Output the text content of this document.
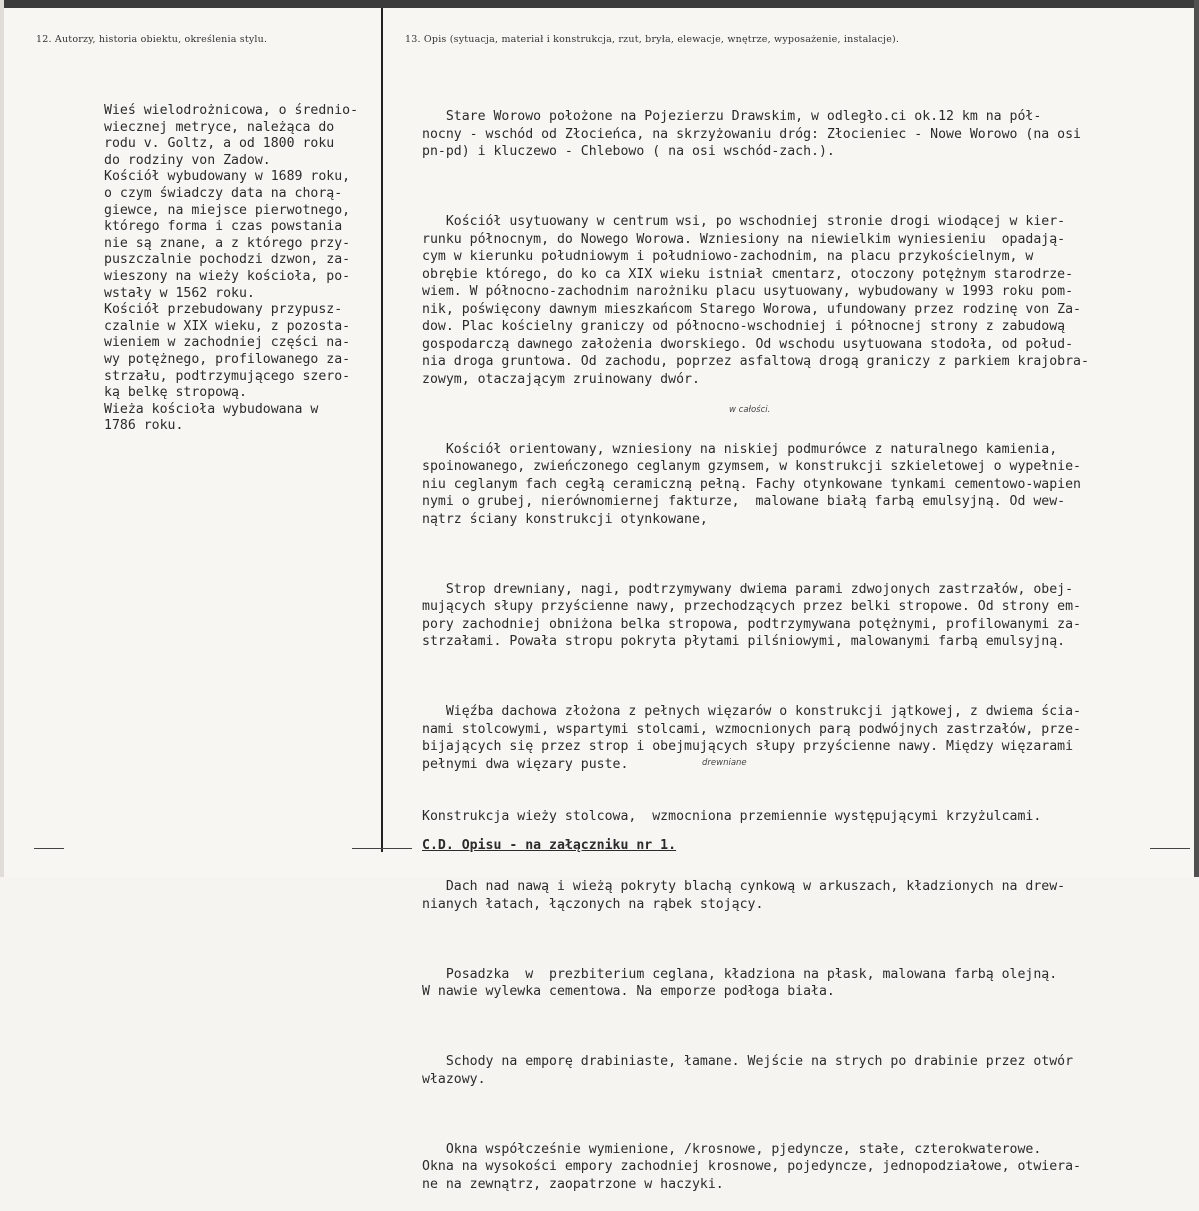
12. Autorzy, historia obiektu, określenia stylu.	13. Opis (sytuacja, materiał i konstrukcja, rzut, bryła, elewacje, wnętrze, wyposażenie, instalacje).
Wieś wielodrożnicowa, o średnio-
wiecznej metryce, należąca do
rodu v. Goltz, a od 1800 roku
do rodziny von Zadow.
Kościół wybudowany w 1689 roku,
o czym świadczy data na chorą-
giewce, na miejsce pierwotnego,
którego forma i czas powstania
nie są znane, a z którego przy-
puszczalnie pochodzi dzwon, za-
wieszony na wieży kościoła, po-
wstały w 1562 roku.
Kościół przebudowany przypusz-
czalnie w XIX wieku, z pozosta-
wieniem w zachodniej części na-
wy potężnego, profilowanego za-
strzału, podtrzymującego szero-
ką belkę stropową.
Wieża kościoła wybudowana w
1786 roku.

Stare Worowo położone na Pojezierzu Drawskim, w odległo.ci ok.12 km na pół-
nocny - wschód od Złocieńca, na skrzyżowaniu dróg: Złocieniec - Nowe Worowo (na osi
pn-pd) i kluczewo - Chlebowo ( na osi wschód-zach.).

Kościół usytuowany w centrum wsi, po wschodniej stronie drogi wiodącej w kier-
runku północnym, do Nowego Worowa. Wzniesiony na niewielkim wyniesieniu  opadają-
cym w kierunku południowym i południowo-zachodnim, na placu przykościelnym, w
obrębie którego, do ko ca XIX wieku istniał cmentarz, otoczony potężnym starodrze-
wiem. W północno-zachodnim narożniku placu usytuowany, wybudowany w 1993 roku pom-
nik, poświęcony dawnym mieszkańcom Starego Worowa, ufundowany przez rodzinę von Za-
dow. Plac kościelny graniczy od północno-wschodniej i północnej strony z zabudową
gospodarczą dawnego założenia dworskiego. Od wschodu usytuowana stodoła, od połud-
nia droga gruntowa. Od zachodu, poprzez asfaltową drogą graniczy z parkiem krajobra-
zowym, otaczającym zruinowany dwór.

Kościół orientowany, wzniesiony na niskiej podmurówce z naturalnego kamienia,
spoinowanego, zwieńczonego ceglanym gzymsem, w konstrukcji szkieletowej o wypełnie-
niu ceglanym fach cegłą ceramiczną pełną. Fachy otynkowane tynkami cementowo-wapien
nymi o grubej, nierównomiernej fakturze,  malowane białą farbą emulsyjną. Od wew-
nątrz ściany konstrukcji otynkowane,

Strop drewniany, nagi, podtrzymywany dwiema parami zdwojonych zastrzałów, obej-
mujących słupy przyścienne nawy, przechodzących przez belki stropowe. Od strony em-
pory zachodniej obniżona belka stropowa, podtrzymywana potężnymi, profilowanymi za-
strzałami. Powała stropu pokryta płytami pilśniowymi, malowanymi farbą emulsyjną.

Więźba dachowa złożona z pełnych więzarów o konstrukcji jątkowej, z dwiema ścia-
nami stolcowymi, wspartymi stolcami, wzmocnionych parą podwójnych zastrzałów, prze-
bijających się przez strop i obejmujących słupy przyścienne nawy. Między więzarami
pełnymi dwa więzary puste.

Konstrukcja wieży stolcowa,  wzmocniona przemiennie występującymi krzyżulcami.

Dach nad nawą i wieżą pokryty blachą cynkową w arkuszach, kładzionych na drew-
nianych łatach, łączonych na rąbek stojący.

Posadzka  w  prezbiterium ceglana, kładziona na płask, malowana farbą olejną.
W nawie wylewka cementowa. Na emporze podłoga biała.

Schody na emporę drabiniaste, łamane. Wejście na strych po drabinie przez otwór
włazowy.

Okna współcześnie wymienione, /krosnowe, pjedyncze, stałe, czterokwaterowe.
Okna na wysokości empory zachodniej krosnowe, pojedyncze, jednopodziałowe, otwiera-
ne na zewnątrz, zaopatrzone w haczyki.

w całości.
drewniane
C.D. Opisu - na załączniku nr 1.
